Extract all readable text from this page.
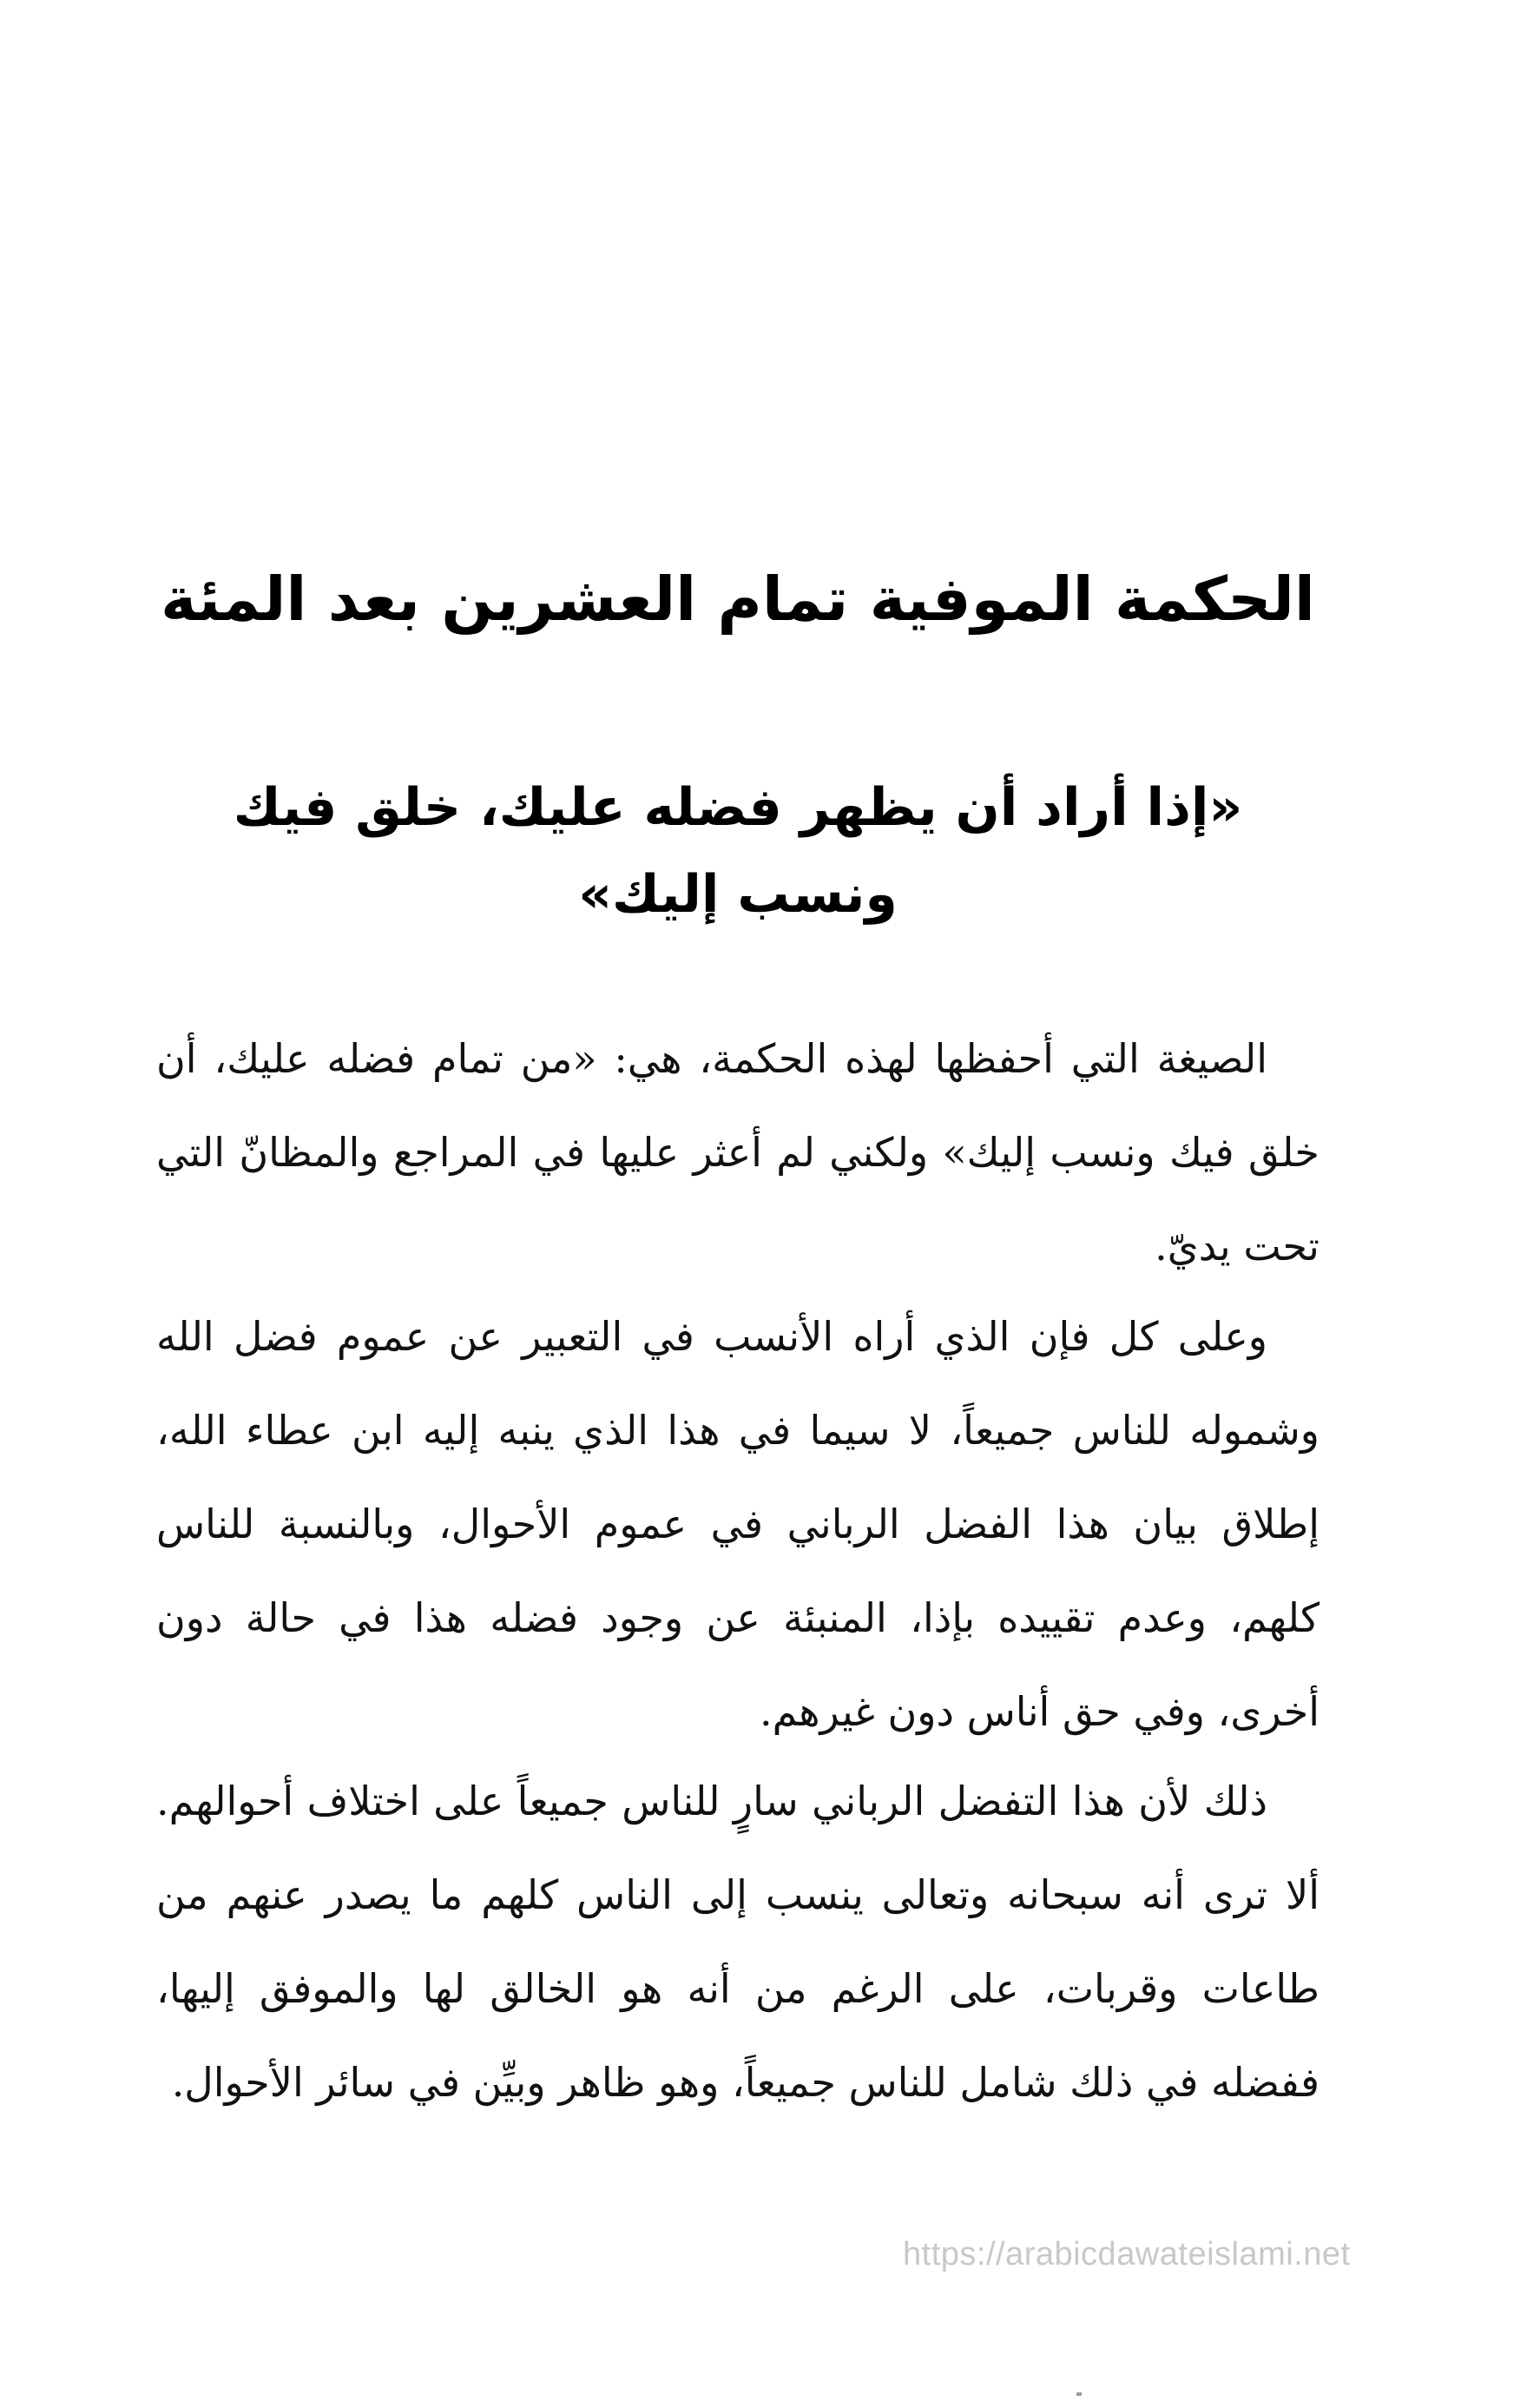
الحكمة الموفية تمام العشرين بعد المئة
«إذا أراد أن يظهر فضله عليك، خلق فيك ونسب إليك»

الصيغة التي أحفظها لهذه الحكمة، هي: «من تمام فضله عليك، أن خلق فيك ونسب إليك» ولكني لم أعثر عليها في المراجع والمظانّ التي تحت يديّ.

وعلى كل فإن الذي أراه الأنسب في التعبير عن عموم فضل الله وشموله للناس جميعاً، لا سيما في هذا الذي ينبه إليه ابن عطاء الله، إطلاق بيان هذا الفضل الرباني في عموم الأحوال، وبالنسبة للناس كلهم، وعدم تقييده بإذا، المنبئة عن وجود فضله هذا في حالة دون أخرى، وفي حق أناس دون غيرهم.

ذلك لأن هذا التفضل الرباني سارٍ للناس جميعاً على اختلاف أحوالهم. ألا ترى أنه سبحانه وتعالى ينسب إلى الناس كلهم ما يصدر عنهم من طاعات وقربات، على الرغم من أنه هو الخالق لها والموفق إليها، ففضله في ذلك شامل للناس جميعاً، وهو ظاهر وبيِّن في سائر الأحوال.

https://arabicdawateislami.net
